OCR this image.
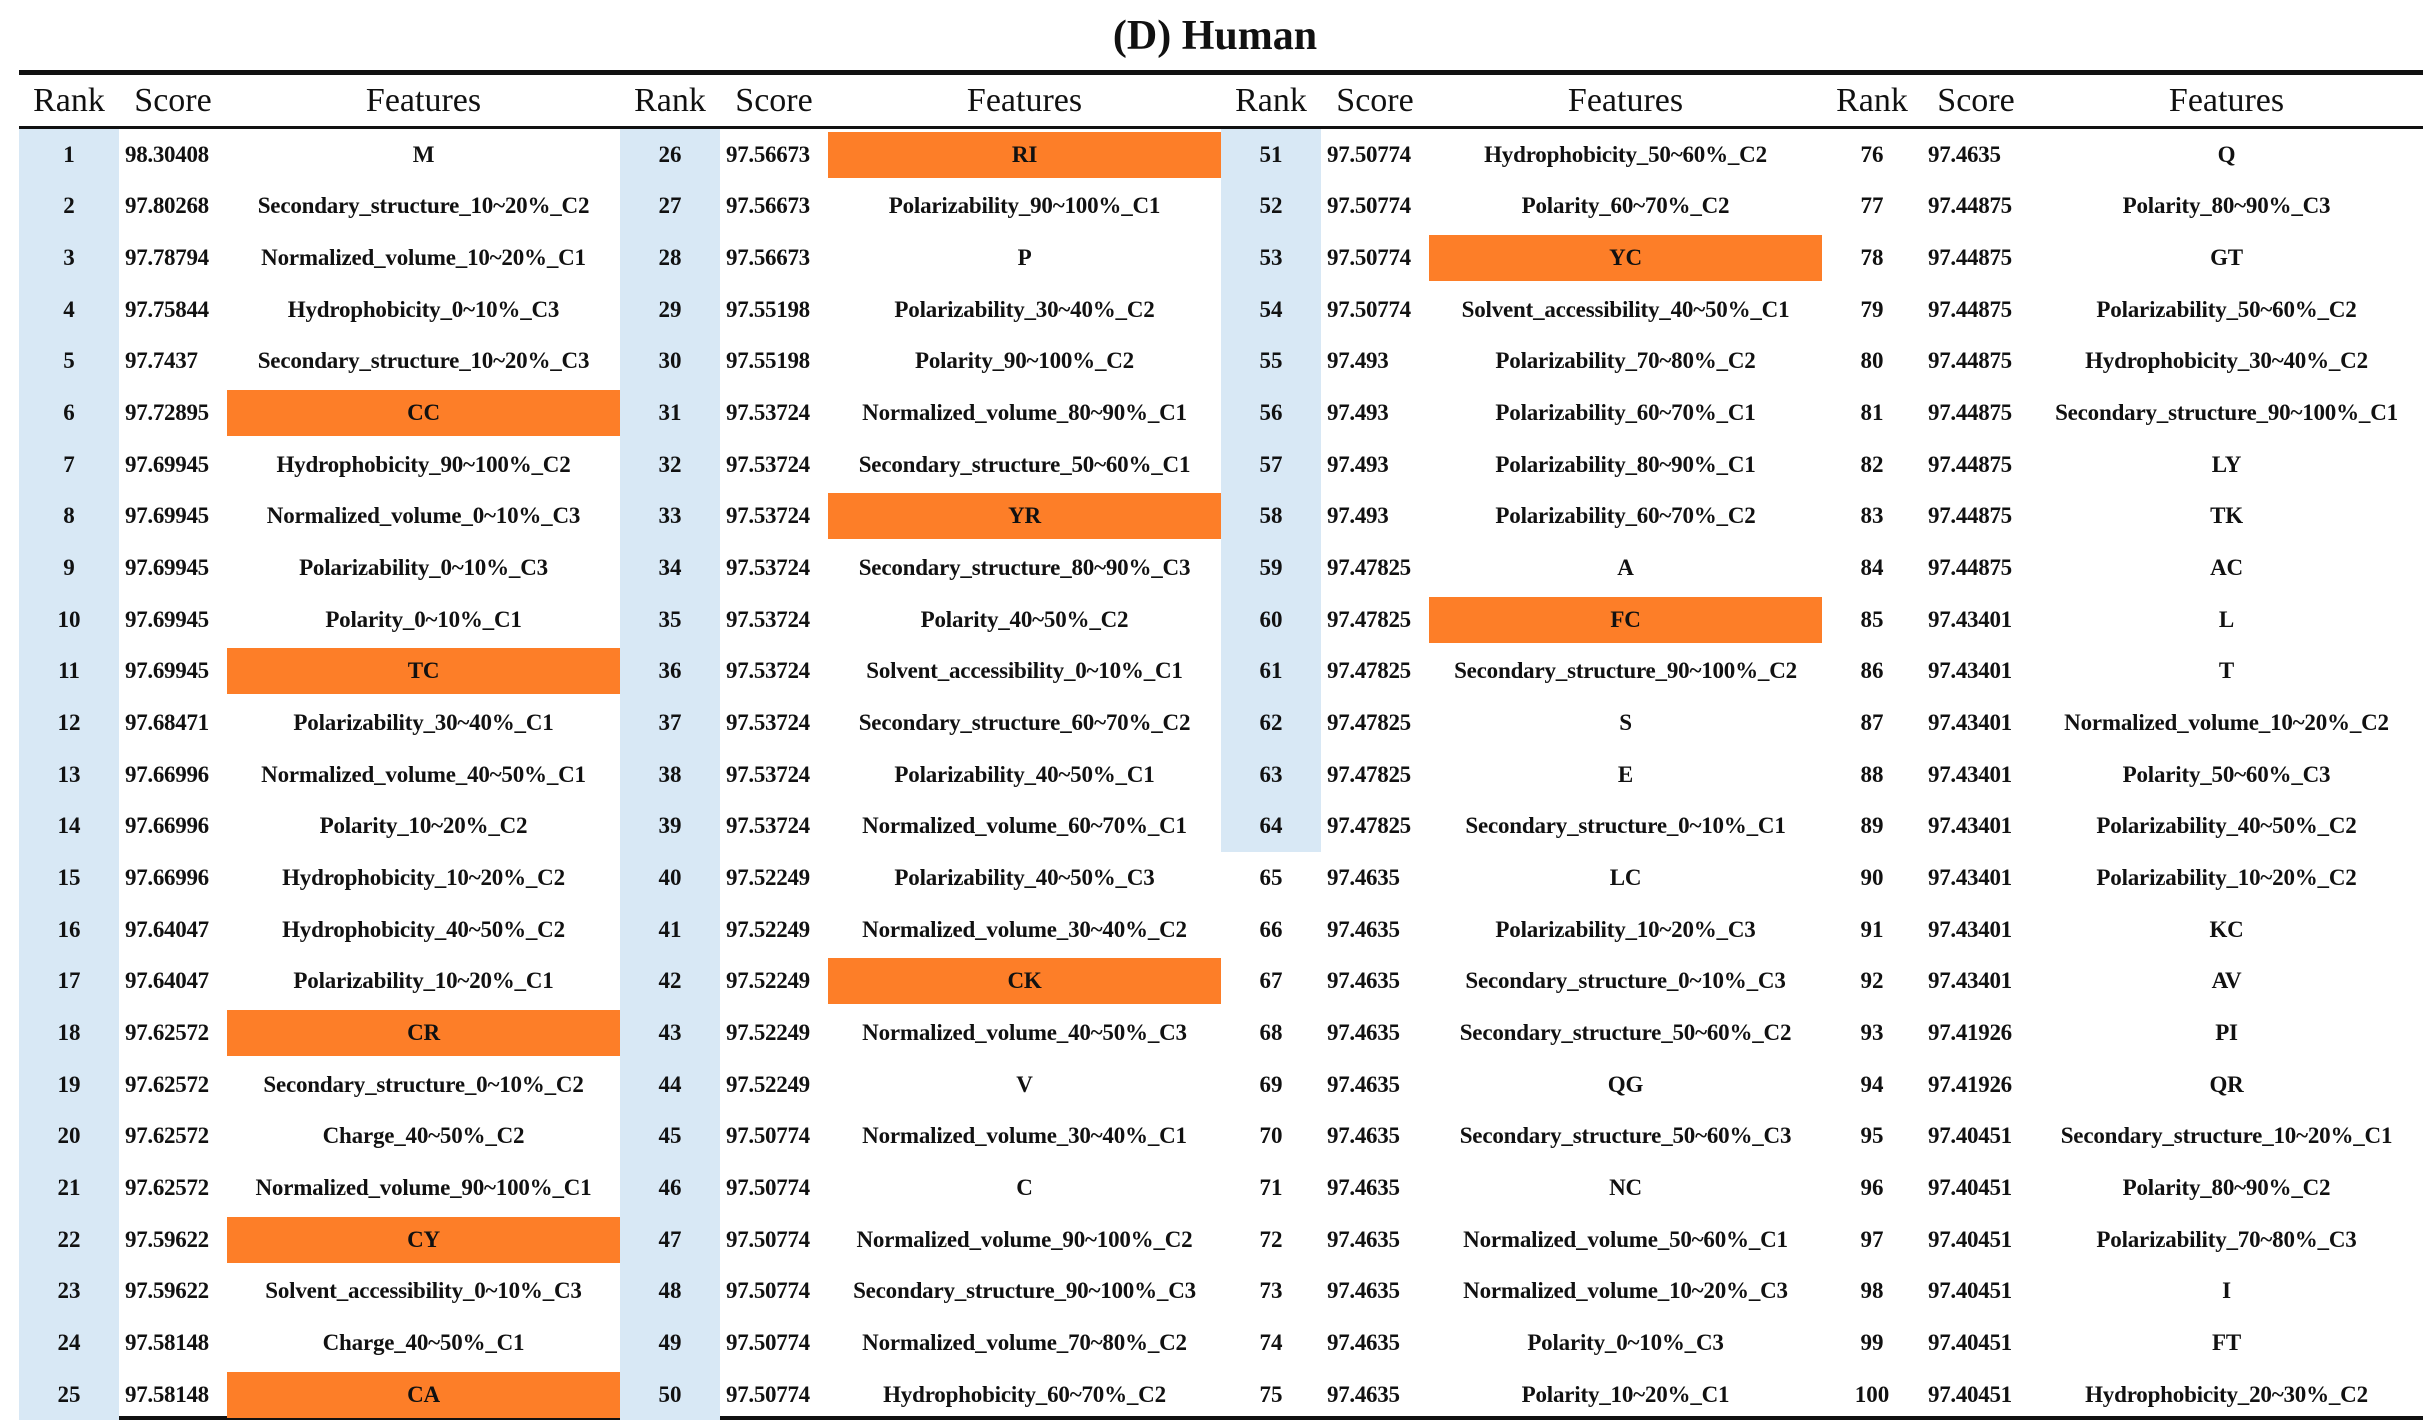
(D) Human
Rank Score	Features
1	98.30408	M
2	97.80268	Secondary_structure_10~20%_C2
3	97.78794	Normalized_volume_10~20%_C1
4	97.75844	Hydrophobicity_0~10%_C3
5	97.7437	Secondary_structure_10~20%_C3
6	97.72895	CC
7	97.69945	Hydrophobicity_90~100%_C2
8	97.69945	Normalized_volume_0~10%_C3
9	97.69945	Polarizability_0~10%_C3
10	97.69945	Polarity_0~10%_C1
11	97.69945	TC
12	97.68471	Polarizability_30~40%_C1
13	97.66996	Normalized_volume_40~50%_C1
14	97.66996	Polarity_10~20%_C2
15	97.66996	Hydrophobicity_10~20%_C2
16	97.64047	Hydrophobicity_40~50%_C2
17	97.64047	Polarizability_10~20%_C1
18	97.62572	CR
19	97.62572	Secondary_structure_0~10%_C2
20	97.62572	Charge_40~50%_C2
21	97.62572	Normalized_volume_90~100%_C1
22	97.59622	CY
23	97.59622	Solvent_accessibility_0~10%_C3
24	97.58148	Charge_40~50%_C1
25	97.58148	CA
Rank Score	Features
26	97.56673	RI
27	97.56673	Polarizability_90~100%_C1
28	97.56673	P
29	97.55198	Polarizability_30~40%_C2
30	97.55198	Polarity_90~100%_C2
31	97.53724	Normalized_volume_80~90%_C1
32	97.53724	Secondary_structure_50~60%_C1
33	97.53724	YR
34	97.53724	Secondary_structure_80~90%_C3
35	97.53724	Polarity_40~50%_C2
36	97.53724	Solvent_accessibility_0~10%_C1
37	97.53724	Secondary_structure_60~70%_C2
38	97.53724	Polarizability_40~50%_C1
39	97.53724	Normalized_volume_60~70%_C1
40	97.52249	Polarizability_40~50%_C3
41	97.52249	Normalized_volume_30~40%_C2
42	97.52249	CK
43	97.52249	Normalized_volume_40~50%_C3
44	97.52249	V
45	97.50774	Normalized_volume_30~40%_C1
46	97.50774	C
47	97.50774	Normalized_volume_90~100%_C2
48	97.50774	Secondary_structure_90~100%_C3
49	97.50774	Normalized_volume_70~80%_C2
50	97.50774	Hydrophobicity_60~70%_C2
Rank Score	Features
51	97.50774	Hydrophobicity_50~60%_C2
52	97.50774	Polarity_60~70%_C2
53	97.50774	YC
54	97.50774	Solvent_accessibility_40~50%_C1
55	97.493	Polarizability_70~80%_C2
56	97.493	Polarizability_60~70%_C1
57	97.493	Polarizability_80~90%_C1
58	97.493	Polarizability_60~70%_C2
59	97.47825	A
60	97.47825	FC
61	97.47825	Secondary_structure_90~100%_C2
62	97.47825	S
63	97.47825	E
64	97.47825	Secondary_structure_0~10%_C1
65	97.4635	LC
66	97.4635	Polarizability_10~20%_C3
67	97.4635	Secondary_structure_0~10%_C3
68	97.4635	Secondary_structure_50~60%_C2
69	97.4635	QG
70	97.4635	Secondary_structure_50~60%_C3
71	97.4635	NC
72	97.4635	Normalized_volume_50~60%_C1
73	97.4635	Normalized_volume_10~20%_C3
74	97.4635	Polarity_0~10%_C3
75	97.4635	Polarity_10~20%_C1
Rank Score	Features
76	97.4635	Q
77	97.44875	Polarity_80~90%_C3
78	97.44875	GT
79	97.44875	Polarizability_50~60%_C2
80	97.44875	Hydrophobicity_30~40%_C2
81	97.44875	Secondary_structure_90~100%_C1
82	97.44875	LY
83	97.44875	TK
84	97.44875	AC
85	97.43401	L
86	97.43401	T
87	97.43401	Normalized_volume_10~20%_C2
88	97.43401	Polarity_50~60%_C3
89	97.43401	Polarizability_40~50%_C2
90	97.43401	Polarizability_10~20%_C2
91	97.43401	KC
92	97.43401	AV
93	97.41926	PI
94	97.41926	QR
95	97.40451	Secondary_structure_10~20%_C1
96	97.40451	Polarity_80~90%_C2
97	97.40451	Polarizability_70~80%_C3
98	97.40451	I
99	97.40451	FT
100	97.40451	Hydrophobicity_20~30%_C2
